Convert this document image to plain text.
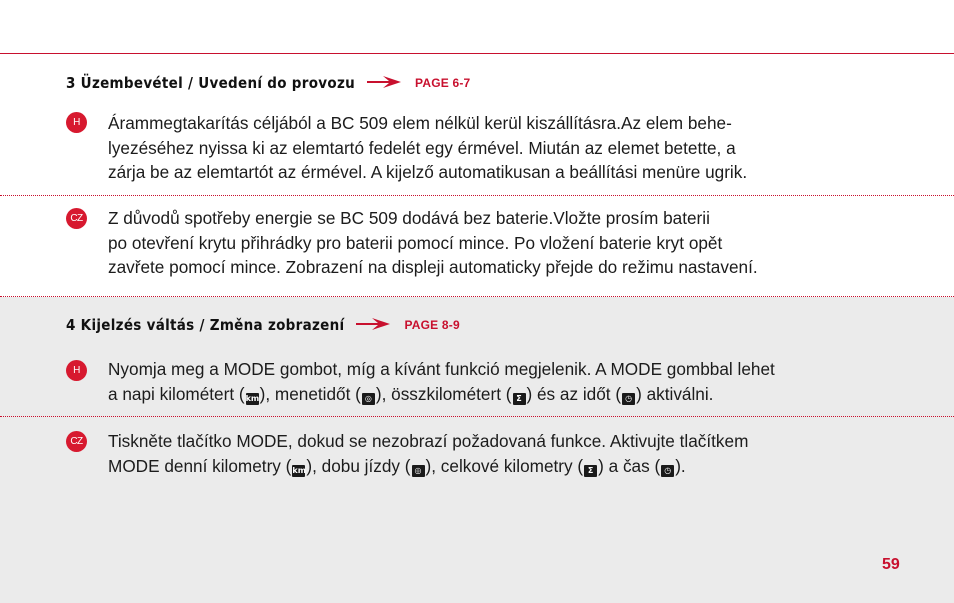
3 Üzembevétel / Uvedení do provozu	PAGE 6-7
H	Árammegtakarítás céljából a BC 509 elem nélkül kerül kiszállításra.Az elem behe-
lyezéséhez nyissa ki az elemtartó fedelét egy érmével. Miután az elemet betette, a
zárja be az elemtartót az érmével. A kijelző automatikusan a beállítási menüre ugrik.
CZ Z důvodů spotřeby energie se BC 509 dodává bez baterie.Vložte prosím baterii
po otevření krytu přihrádky pro baterii pomocí mince. Po vložení baterie kryt opět
zavřete pomocí mince. Zobrazení na displeji automaticky přejde do režimu nastavení.
4 Kijelzés váltás / Změna zobrazení	PAGE 8-9
H	Nyomja meg a MODE gombot, míg a kívánt funkció megjelenik. A MODE gombbal lehet
a napi kilométert (km), menetidőt ( ◎ ), összkilométert ( Σ ) és az időt ( ◷ ) aktiválni.
CZ Tiskněte tlačítko MODE, dokud se nezobrazí požadovaná funkce. Aktivujte tlačítkem
MODE denní kilometry (km), dobu jízdy ( ◎ ), celkové kilometry ( Σ ) a čas ( ◷ ).
59
